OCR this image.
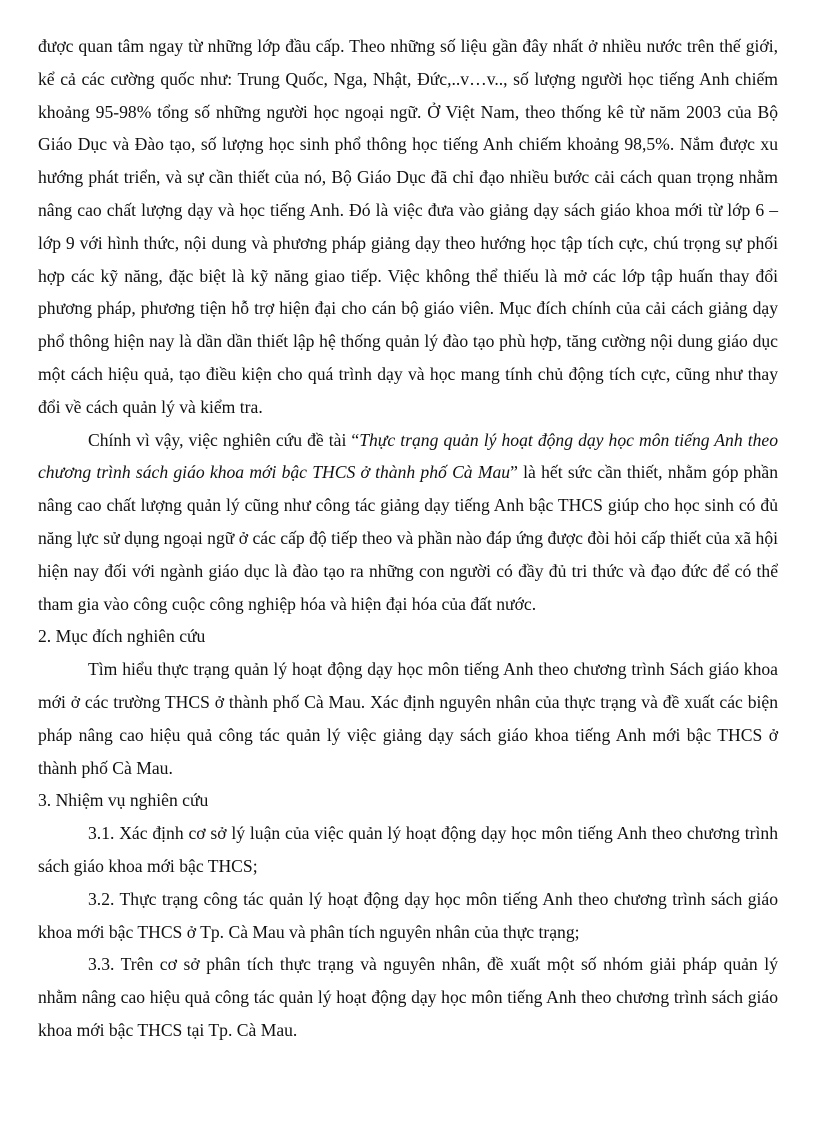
được quan tâm ngay từ những lớp đầu cấp. Theo những số liệu gần đây nhất ở nhiều nước trên thế giới, kể cả các cường quốc như: Trung Quốc, Nga, Nhật, Đức,..v…v.., số lượng người học tiếng Anh chiếm khoảng 95-98% tổng số những người học ngoại ngữ. Ở Việt Nam, theo thống kê từ năm 2003 của Bộ Giáo Dục và Đào tạo, số lượng học sinh phổ thông học tiếng Anh chiếm khoảng 98,5%. Nắm được xu hướng phát triển, và sự cần thiết của nó, Bộ Giáo Dục đã chỉ đạo nhiều bước cải cách quan trọng nhằm nâng cao chất lượng dạy và học tiếng Anh. Đó là việc đưa vào giảng dạy sách giáo khoa mới từ lớp 6 – lớp 9 với hình thức, nội dung và phương pháp giảng dạy theo hướng học tập tích cực, chú trọng sự phối hợp các kỹ năng, đặc biệt là kỹ năng giao tiếp. Việc không thể thiếu là mở các lớp tập huấn thay đổi phương pháp, phương tiện hỗ trợ hiện đại cho cán bộ giáo viên. Mục đích chính của cải cách giảng dạy phổ thông hiện nay là dần dần thiết lập hệ thống quản lý đào tạo phù hợp, tăng cường nội dung giáo dục một cách hiệu quả, tạo điều kiện cho quá trình dạy và học mang tính chủ động tích cực, cũng như thay đổi về cách quản lý và kiểm tra.

Chính vì vậy, việc nghiên cứu đề tài “Thực trạng quản lý hoạt động dạy học môn tiếng Anh theo chương trình sách giáo khoa mới bậc THCS ở thành phố Cà Mau” là hết sức cần thiết, nhằm góp phần nâng cao chất lượng quản lý cũng như công tác giảng dạy tiếng Anh bậc THCS giúp cho học sinh có đủ năng lực sử dụng ngoại ngữ ở các cấp độ tiếp theo và phần nào đáp ứng được đòi hỏi cấp thiết của xã hội hiện nay đối với ngành giáo dục là đào tạo ra những con người có đầy đủ tri thức và đạo đức để có thể tham gia vào công cuộc công nghiệp hóa và hiện đại hóa của đất nước.

2. Mục đích nghiên cứu

Tìm hiểu thực trạng quản lý hoạt động dạy học môn tiếng Anh theo chương trình Sách giáo khoa mới ở các trường THCS ở thành phố Cà Mau. Xác định nguyên nhân của thực trạng và đề xuất các biện pháp nâng cao hiệu quả công tác quản lý việc giảng dạy sách giáo khoa tiếng Anh mới bậc THCS ở thành phố Cà Mau.

3. Nhiệm vụ nghiên cứu

3.1. Xác định cơ sở lý luận của việc quản lý hoạt động dạy học môn tiếng Anh theo chương trình sách giáo khoa mới bậc THCS;

3.2. Thực trạng công tác quản lý hoạt động dạy học môn tiếng Anh theo chương trình sách giáo khoa mới bậc THCS ở Tp. Cà Mau và phân tích nguyên nhân của thực trạng;

3.3. Trên cơ sở phân tích thực trạng và nguyên nhân, đề xuất một số nhóm giải pháp quản lý nhằm nâng cao hiệu quả công tác quản lý hoạt động dạy học môn tiếng Anh theo chương trình sách giáo khoa mới bậc THCS tại Tp. Cà Mau.
